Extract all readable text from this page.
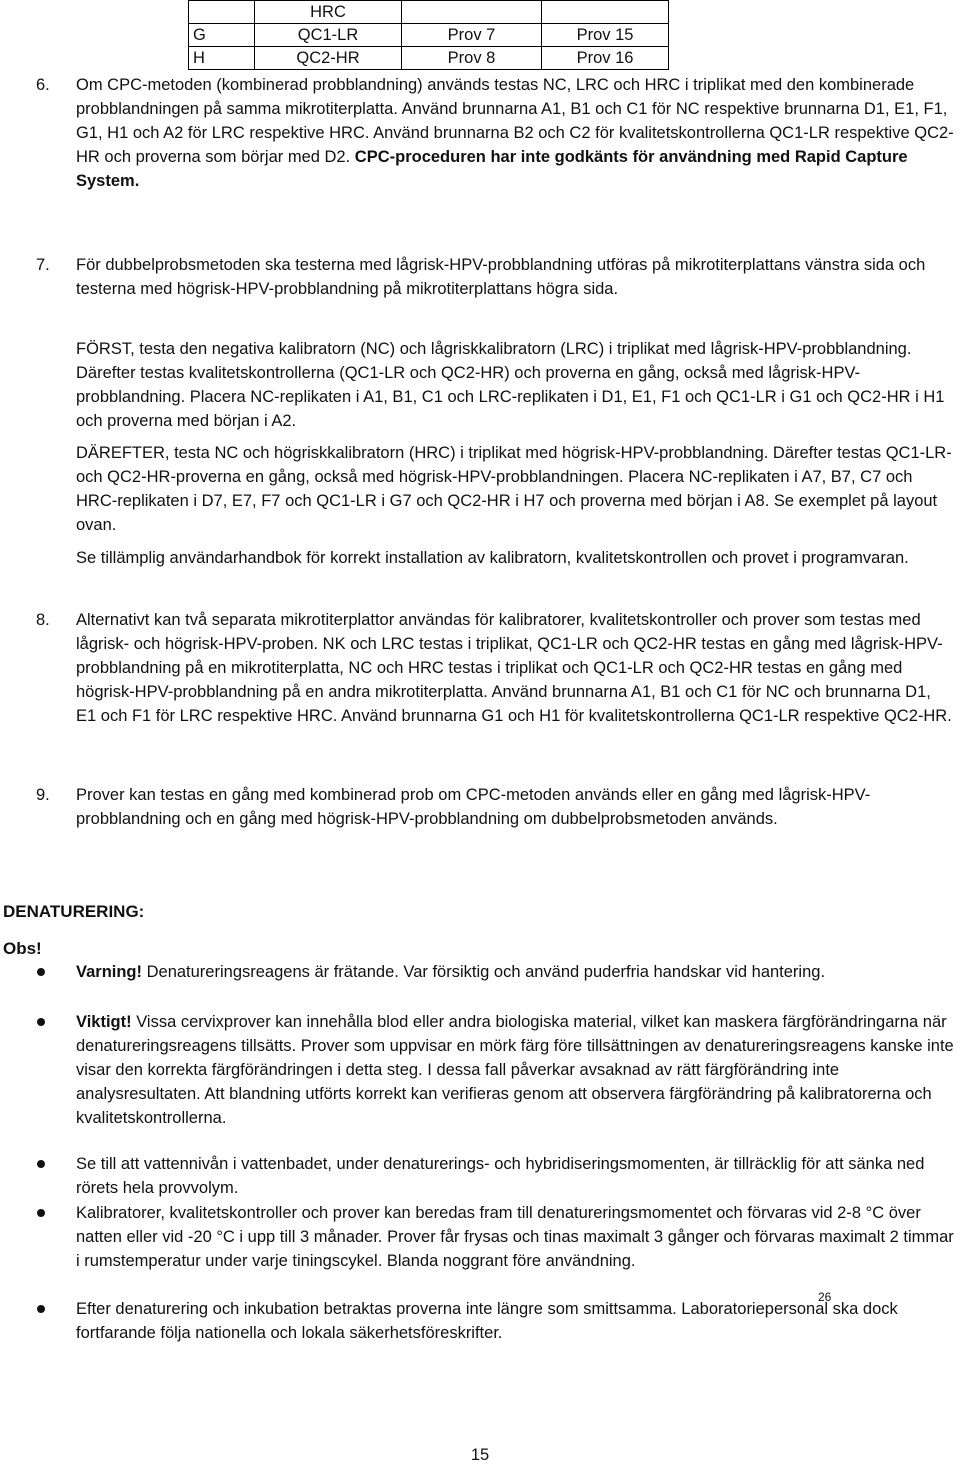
	HRC		
G	QC1-LR	Prov 7	Prov 15
H	QC2-HR	Prov 8	Prov 16
6. Om CPC-metoden (kombinerad probblandning) används testas NC, LRC och HRC i triplikat med den kombinerade probblandningen på samma mikrotiterplatta. Använd brunnarna A1, B1 och C1 för NC respektive brunnarna D1, E1, F1, G1, H1 och A2 för LRC respektive HRC. Använd brunnarna B2 och C2 för kvalitetskontrollerna QC1-LR respektive QC2-HR och proverna som börjar med D2. CPC-proceduren har inte godkänts för användning med Rapid Capture System.

7. För dubbelprobsmetoden ska testerna med lågrisk-HPV-probblandning utföras på mikrotiterplattans vänstra sida och testerna med högrisk-HPV-probblandning på mikrotiterplattans högra sida.

FÖRST, testa den negativa kalibratorn (NC) och lågriskkalibratorn (LRC) i triplikat med lågrisk-HPV-probblandning. Därefter testas kvalitetskontrollerna (QC1-LR och QC2-HR) och proverna en gång, också med lågrisk-HPV-probblandning. Placera NC-replikaten i A1, B1, C1 och LRC-replikaten i D1, E1, F1 och QC1-LR i G1 och QC2-HR i H1 och proverna med början i A2.

DÄREFTER, testa NC och högriskkalibratorn (HRC) i triplikat med högrisk-HPV-probblandning. Därefter testas QC1-LR- och QC2-HR-proverna en gång, också med högrisk-HPV-probblandningen. Placera NC-replikaten i A7, B7, C7 och HRC-replikaten i D7, E7, F7 och QC1-LR i G7 och QC2-HR i H7 och proverna med början i A8. Se exemplet på layout ovan.

Se tillämplig användarhandbok för korrekt installation av kalibratorn, kvalitetskontrollen och provet i programvaran.

8. Alternativt kan två separata mikrotiterplattor användas för kalibratorer, kvalitetskontroller och prover som testas med lågrisk- och högrisk-HPV-proben. NK och LRC testas i triplikat, QC1-LR och QC2-HR testas en gång med lågrisk-HPV-probblandning på en mikrotiterplatta, NC och HRC testas i triplikat och QC1-LR och QC2-HR testas en gång med högrisk-HPV-probblandning på en andra mikrotiterplatta. Använd brunnarna A1, B1 och C1 för NC och brunnarna D1, E1 och F1 för LRC respektive HRC. Använd brunnarna G1 och H1 för kvalitetskontrollerna QC1-LR respektive QC2-HR.

9. Prover kan testas en gång med kombinerad prob om CPC-metoden används eller en gång med lågrisk-HPV-probblandning och en gång med högrisk-HPV-probblandning om dubbelprobsmetoden används.

DENATURERING:
Obs!

Varning! Denatureringsreagens är frätande. Var försiktig och använd puderfria handskar vid hantering.

Viktigt! Vissa cervixprover kan innehålla blod eller andra biologiska material, vilket kan maskera färgförändringarna när denatureringsreagens tillsätts. Prover som uppvisar en mörk färg före tillsättningen av denatureringsreagens kanske inte visar den korrekta färgförändringen i detta steg. I dessa fall påverkar avsaknad av rätt färgförändring inte analysresultaten. Att blandning utförts korrekt kan verifieras genom att observera färgförändring på kalibratorerna och kvalitetskontrollerna.

Se till att vattennivån i vattenbadet, under denaturerings- och hybridiseringsmomenten, är tillräcklig för att sänka ned rörets hela provvolym.

Kalibratorer, kvalitetskontroller och prover kan beredas fram till denatureringsmomentet och förvaras vid 2-8 °C över natten eller vid -20 °C i upp till 3 månader. Prover får frysas och tinas maximalt 3 gånger och förvaras maximalt 2 timmar i rumstemperatur under varje tiningscykel. Blanda noggrant före användning.

Efter denaturering och inkubation betraktas proverna inte längre som smittsamma. Laboratoriepersonal ska dock fortfarande följa nationella och lokala säkerhetsföreskrifter.

26
15
